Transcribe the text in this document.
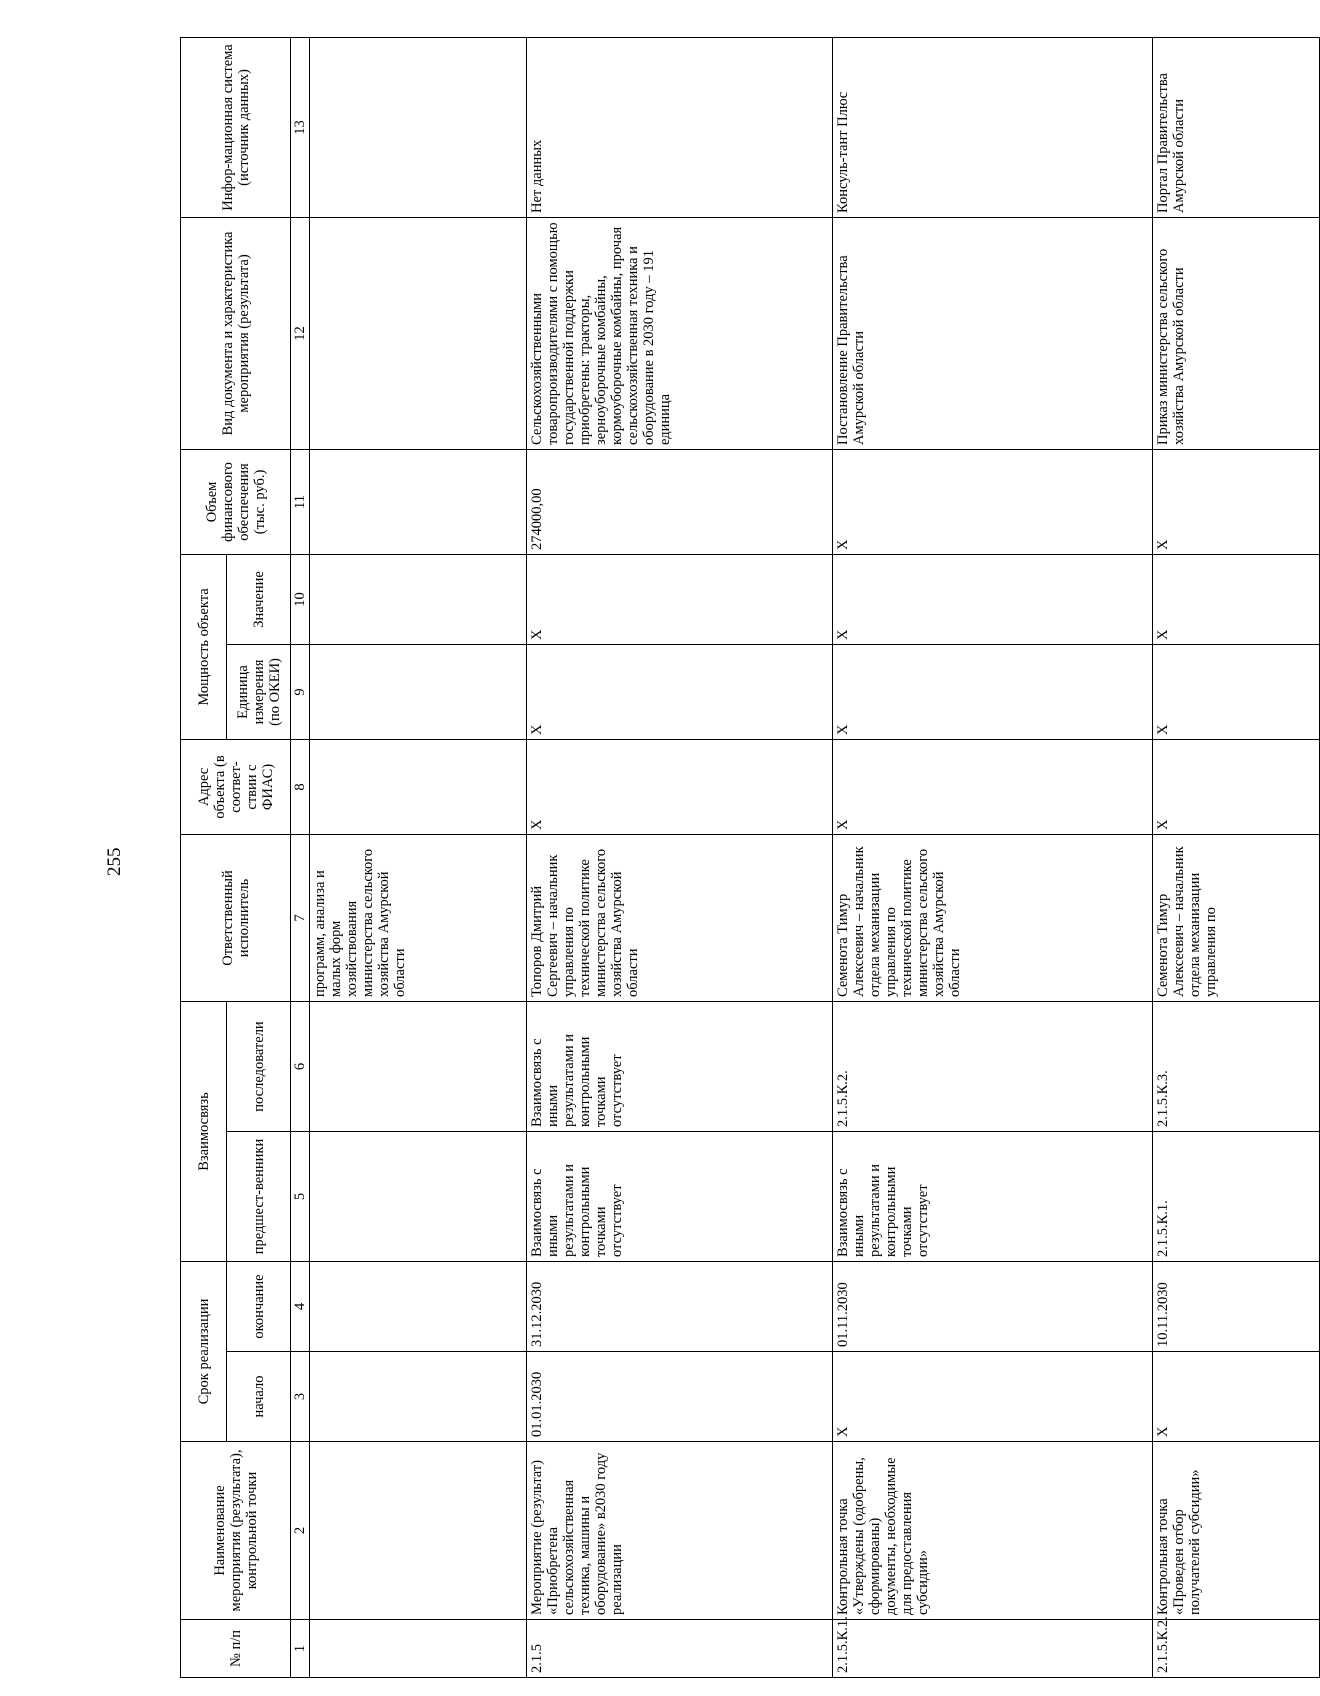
255
№ п/п	Наименование мероприятия (результата), контрольной точки	Срок реализации		Взаимосвязь		Ответственный исполнитель	Адрес объекта (в соответ-ствии с ФИАС)	Мощность объекта		Объем финансового обеспечения (тыс. руб.)	Вид документа и характеристика мероприятия (результата)	Инфор-мационная система (источник данных)
		начало	окончание	предшест-венники	последователи			Единица измерения (по ОКЕИ)	Значение			
1	2	3	4	5	6	7	8	9	10	11	12	13
						программ, анализа и малых форм хозяйствования министерства сельского хозяйства Амурской области						
2.1.5	Мероприятие (результат) «Приобретена сельскохозяйственная техника, машины и оборудование» в2030 году реализации	01.01.2030	31.12.2030	Взаимосвязь с иными результатами и контрольными точками отсутствует	Взаимосвязь с иными результатами и контрольными точками отсутствует	Топоров Дмитрий Сергеевич – начальник управления по технической политике министерства сельского хозяйства Амурской области	X	X	X	274000,00	Сельскохозяйственными товаропроизводителями с помощью государственной поддержки приобретены: тракторы, зерноуборочные комбайны, кормоуборочные комбайны, прочая сельскохозяйственная техника и оборудование в 2030 году – 191 единица	Нет данных
2.1.5.К.1.	Контрольная точка «Утверждены (одобрены, сформированы) документы, необходимые для предоставления субсидии»	X	01.11.2030	Взаимосвязь с иными результатами и контрольными точками отсутствует	2.1.5.К.2.	Семенота Тимур Алексеевич – начальник отдела механизации управления по технической политике министерства сельского хозяйства Амурской области	X	X	X	X	Постановление Правительства Амурской области	Консуль-тант Плюс
2.1.5.К.2.	Контрольная точка «Проведен отбор получателей субсидии»	X	10.11.2030	2.1.5.К.1.	2.1.5.К.3.	Семенота Тимур Алексеевич – начальник отдела механизации управления по	X	X	X	X	Приказ министерства сельского хозяйства Амурской области	Портал Правительства Амурской области
